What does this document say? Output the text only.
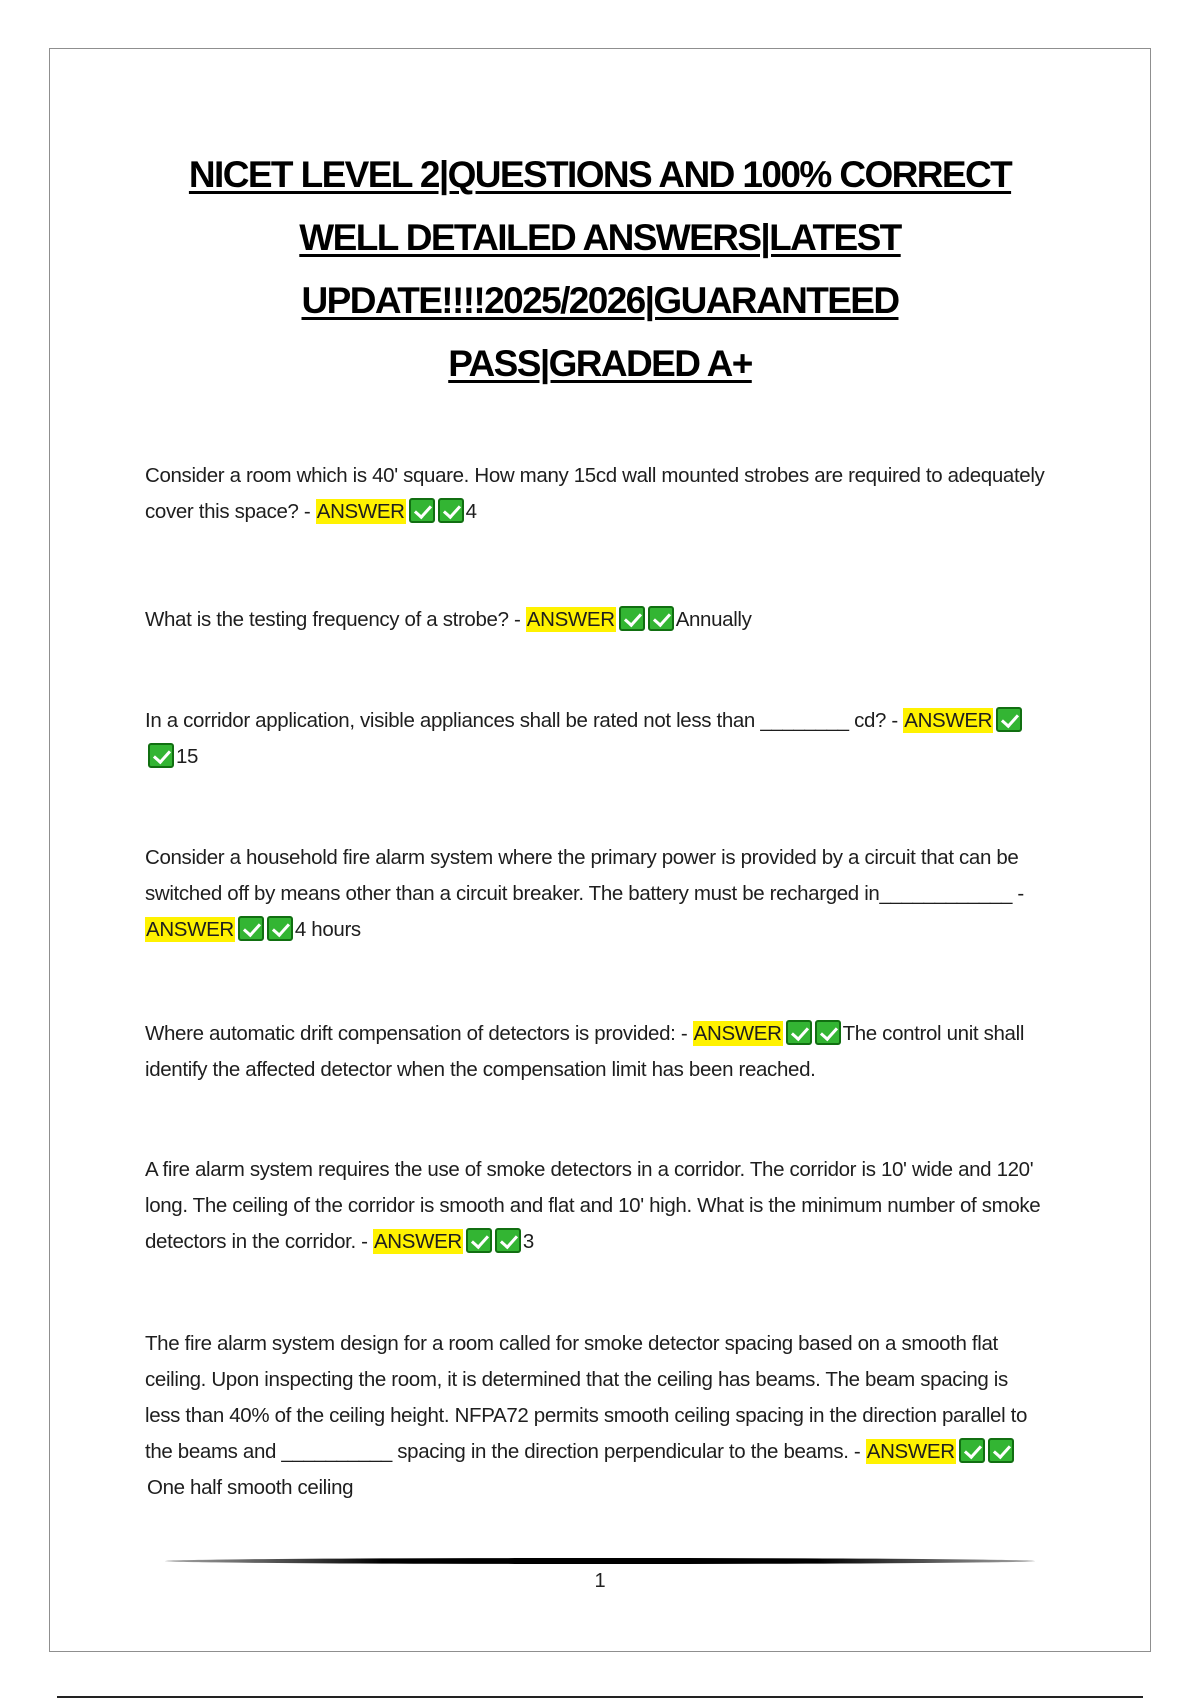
NICET LEVEL 2|QUESTIONS AND 100% CORRECT
WELL DETAILED ANSWERS|LATEST
UPDATE!!!!2025/2026|GUARANTEED
PASS|GRADED A+
Consider a room which is 40' square. How many 15cd wall mounted strobes are required to adequately cover this space? - ANSWER	4
What is the testing frequency of a strobe? - ANSWER	Annually
In a corridor application, visible appliances shall be rated not less than ________ cd? - ANSWER15
Consider a household fire alarm system where the primary power is provided by a circuit that can be switched off by means other than a circuit breaker. The battery must be recharged in____________ - ANSWER	4 hours
Where automatic drift compensation of detectors is provided: - ANSWER	The control unit shall identify the affected detector when the compensation limit has been reached.
A fire alarm system requires the use of smoke detectors in a corridor. The corridor is 10' wide and 120' long. The ceiling of the corridor is smooth and flat and 10' high. What is the minimum number of smoke detectors in the corridor. - ANSWER	3
The fire alarm system design for a room called for smoke detector spacing based on a smooth flat ceiling. Upon inspecting the room, it is determined that the ceiling has beams. The beam spacing is less than 40% of the ceiling height. NFPA72 permits smooth ceiling spacing in the direction parallel to the beams and __________ spacing in the direction perpendicular to the beams. - ANSWEROne half smooth ceiling
1
